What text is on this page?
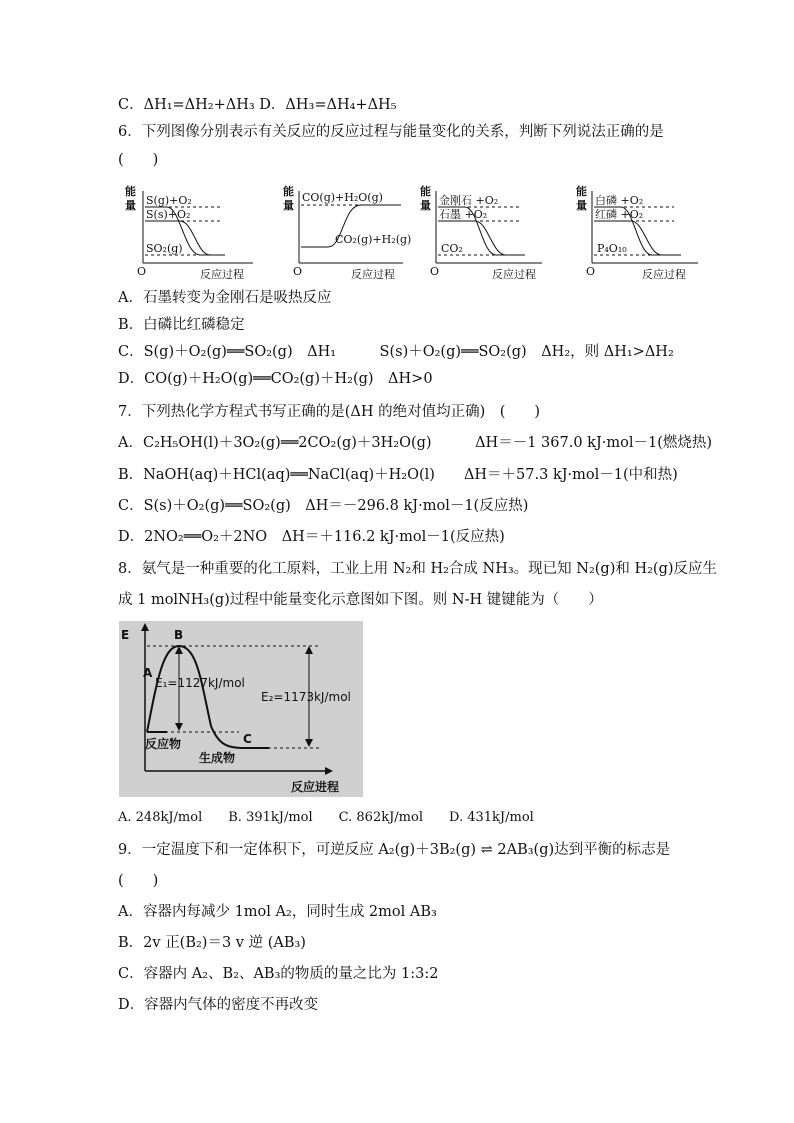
C．ΔH₁=ΔH₂+ΔH₃ D．ΔH₃=ΔH₄+ΔH₅
6．下列图像分别表示有关反应的反应过程与能量变化的关系，判断下列说法正确的是
(　　)
能
量
O	反应过程
S(g)+O₂
S(s)+O₂
SO₂(g)
能
量
O	反应过程
CO(g)+H₂O(g)
CO₂(g)+H₂(g)
能
量
O	反应过程
金刚石 +O₂
石墨 +O₂
CO₂
能
量
O	反应过程
白磷 +O₂
红磷 +O₂
P₄O₁₀
A．石墨转变为金刚石是吸热反应
B．白磷比红磷稳定
C．S(g)＋O₂(g)══SO₂(g)　ΔH₁　　　S(s)＋O₂(g)══SO₂(g)　ΔH₂，则 ΔH₁>ΔH₂
D．CO(g)＋H₂O(g)══CO₂(g)＋H₂(g)　ΔH>0
7．下列热化学方程式书写正确的是(ΔH 的绝对值均正确)　(　　)
A．C₂H₅OH(l)＋3O₂(g)══2CO₂(g)＋3H₂O(g)　　　ΔH＝－1 367.0 kJ·mol－1(燃烧热)
B．NaOH(aq)＋HCl(aq)══NaCl(aq)＋H₂O(l)　　ΔH＝＋57.3 kJ·mol－1(中和热)
C．S(s)＋O₂(g)══SO₂(g)　ΔH＝－296.8 kJ·mol－1(反应热)
D．2NO₂══O₂＋2NO　ΔH＝＋116.2 kJ·mol－1(反应热)
8．氨气是一种重要的化工原料，工业上用 N₂和 H₂合成 NH₃。现已知 N₂(g)和 H₂(g)反应生
成 1 molNH₃(g)过程中能量变化示意图如下图。则 N-H 键键能为（　　）
E
A
B
C
E₁=1127kJ/mol
E₂=1173kJ/mol
反应物
生成物
反应进程
A. 248kJ/mol　　B. 391kJ/mol　　C. 862kJ/mol　　D. 431kJ/mol
9．一定温度下和一定体积下，可逆反应 A₂(g)＋3B₂(g) ⇌ 2AB₃(g)达到平衡的标志是
(　　)
A．容器内每减少 1mol A₂，同时生成 2mol AB₃
B．2v 正(B₂)＝3 v 逆 (AB₃)
C．容器内 A₂、B₂、AB₃的物质的量之比为 1:3:2
D．容器内气体的密度不再改变
